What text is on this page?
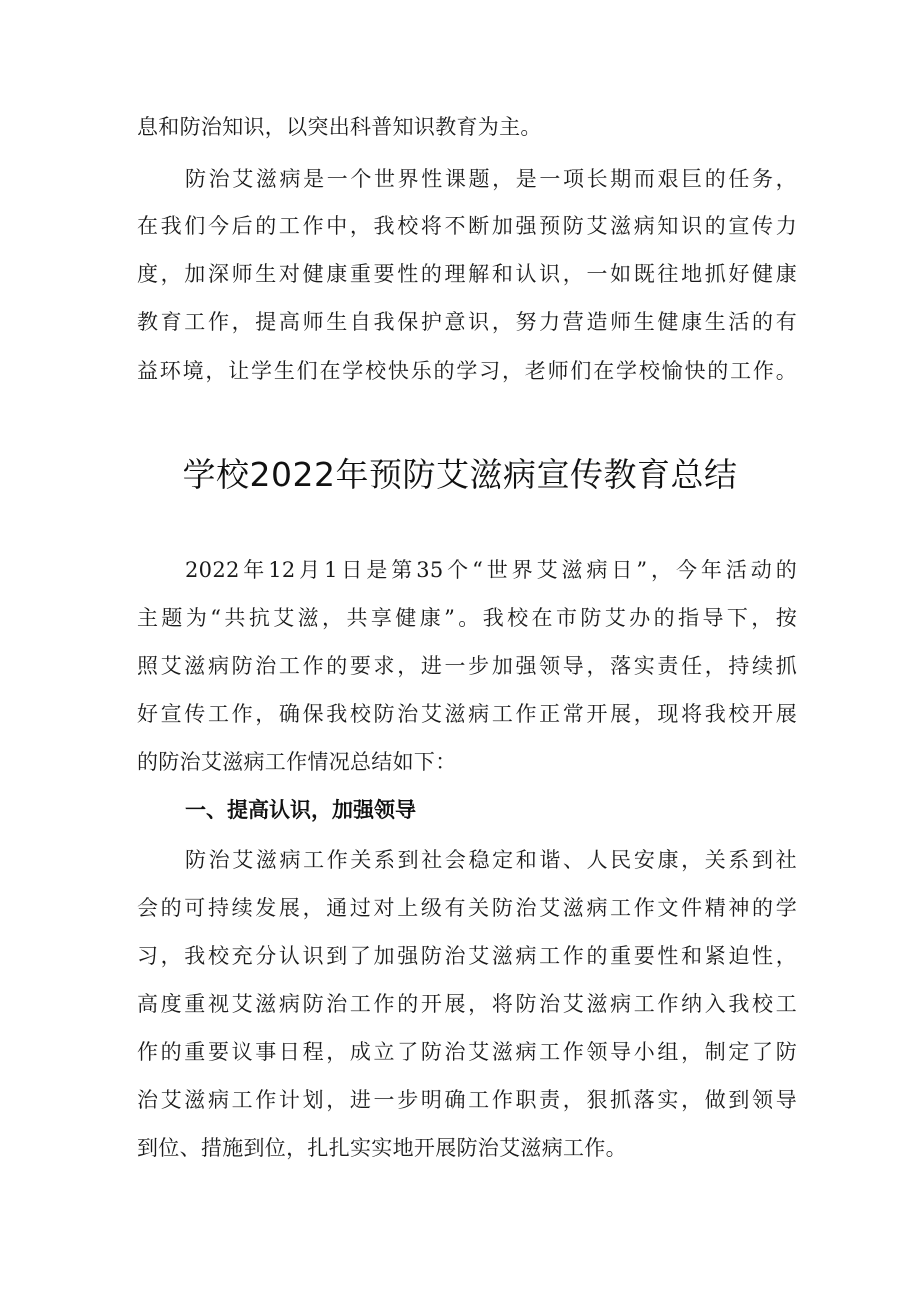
息和防治知识，以突出科普知识教育为主。
防治艾滋病是一个世界性课题，是一项长期而艰巨的任务，
在我们今后的工作中，我校将不断加强预防艾滋病知识的宣传力
度，加深师生对健康重要性的理解和认识，一如既往地抓好健康
教育工作，提高师生自我保护意识，努力营造师生健康生活的有
益环境，让学生们在学校快乐的学习，老师们在学校愉快的工作。
学校2022年预防艾滋病宣传教育总结
2022年12月1日是第35个“世界艾滋病日”，今年活动的
主题为“共抗艾滋，共享健康”。我校在市防艾办的指导下，按
照艾滋病防治工作的要求，进一步加强领导，落实责任，持续抓
好宣传工作，确保我校防治艾滋病工作正常开展，现将我校开展
的防治艾滋病工作情况总结如下：
一、提高认识，加强领导
防治艾滋病工作关系到社会稳定和谐、人民安康，关系到社
会的可持续发展，通过对上级有关防治艾滋病工作文件精神的学
习，我校充分认识到了加强防治艾滋病工作的重要性和紧迫性，
高度重视艾滋病防治工作的开展，将防治艾滋病工作纳入我校工
作的重要议事日程，成立了防治艾滋病工作领导小组，制定了防
治艾滋病工作计划，进一步明确工作职责，狠抓落实，做到领导
到位、措施到位，扎扎实实地开展防治艾滋病工作。
